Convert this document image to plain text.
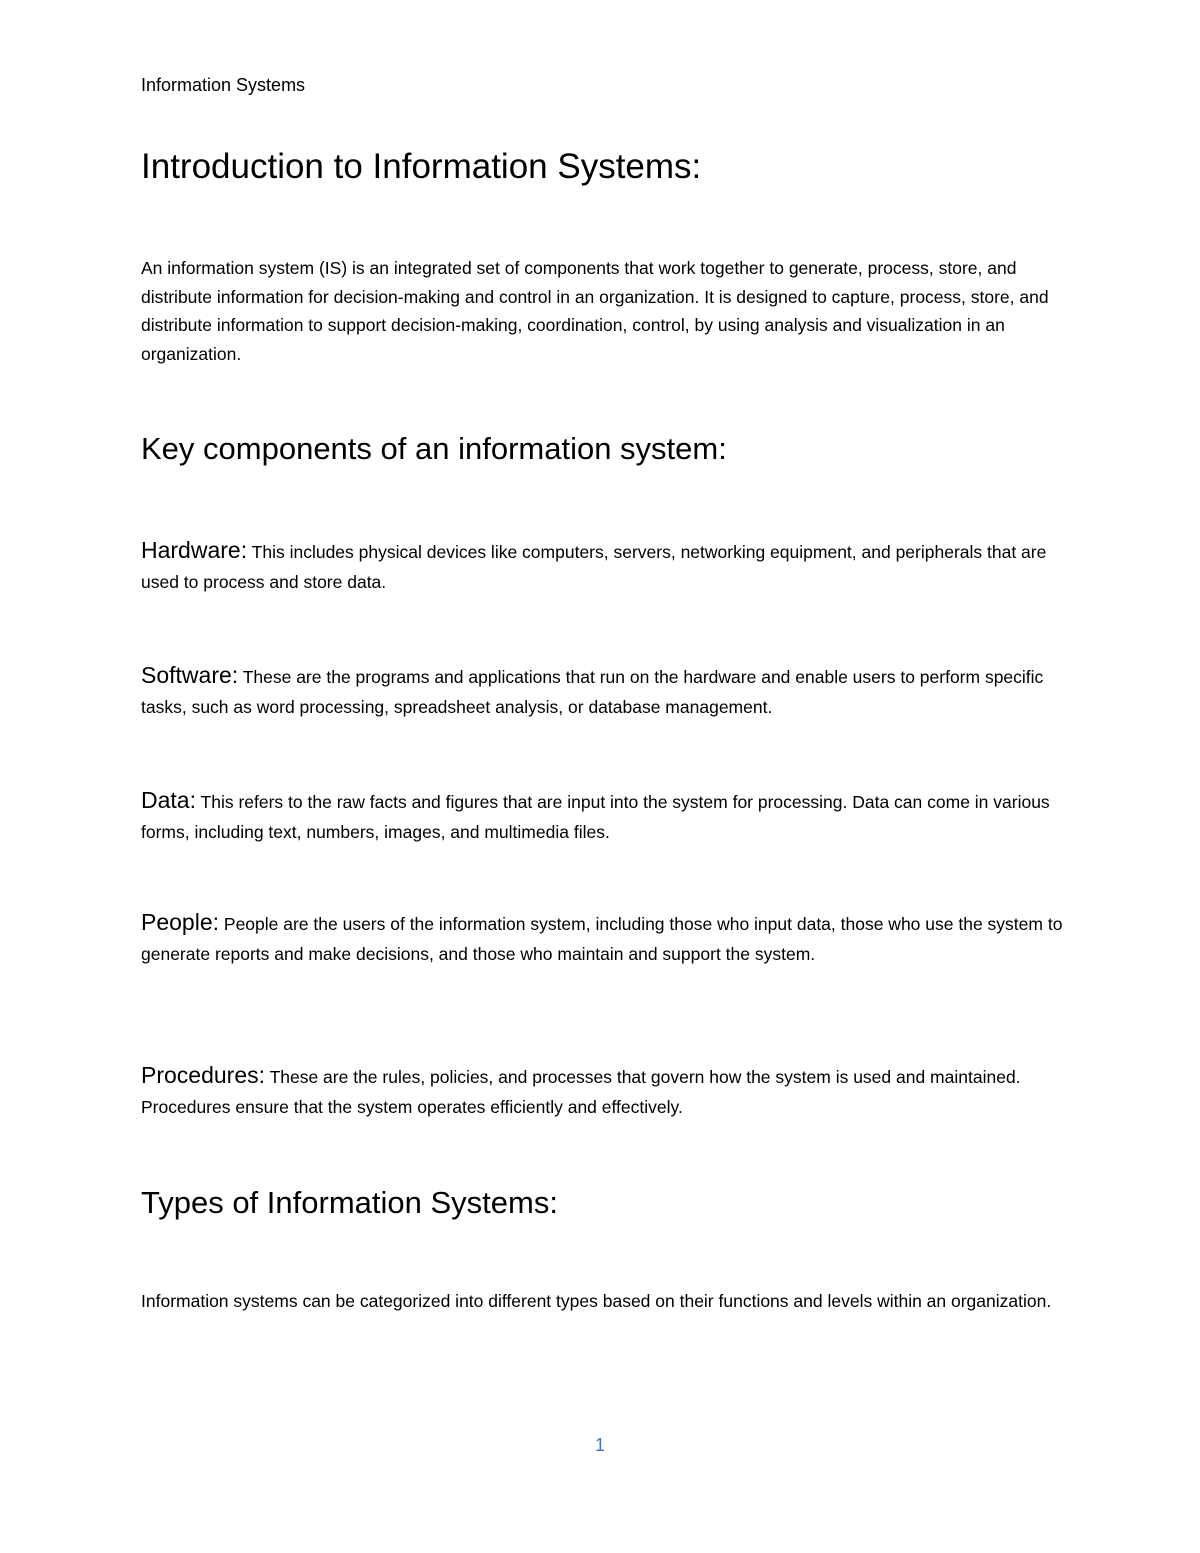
Information Systems
Introduction to Information Systems:

An information system (IS) is an integrated set of components that work together to generate, process, store, and distribute information for decision-making and control in an organization. It is designed to capture, process, store, and distribute information to support decision-making, coordination, control, by using analysis and visualization in an organization.

Key components of an information system:

Hardware: This includes physical devices like computers, servers, networking equipment, and peripherals that are used to process and store data.

Software: These are the programs and applications that run on the hardware and enable users to perform specific tasks, such as word processing, spreadsheet analysis, or database management.

Data: This refers to the raw facts and figures that are input into the system for processing. Data can come in various forms, including text, numbers, images, and multimedia files.

People: People are the users of the information system, including those who input data, those who use the system to generate reports and make decisions, and those who maintain and support the system.

Procedures: These are the rules, policies, and processes that govern how the system is used and maintained. Procedures ensure that the system operates efficiently and effectively.

Types of Information Systems:

Information systems can be categorized into different types based on their functions and levels within an organization.

1
